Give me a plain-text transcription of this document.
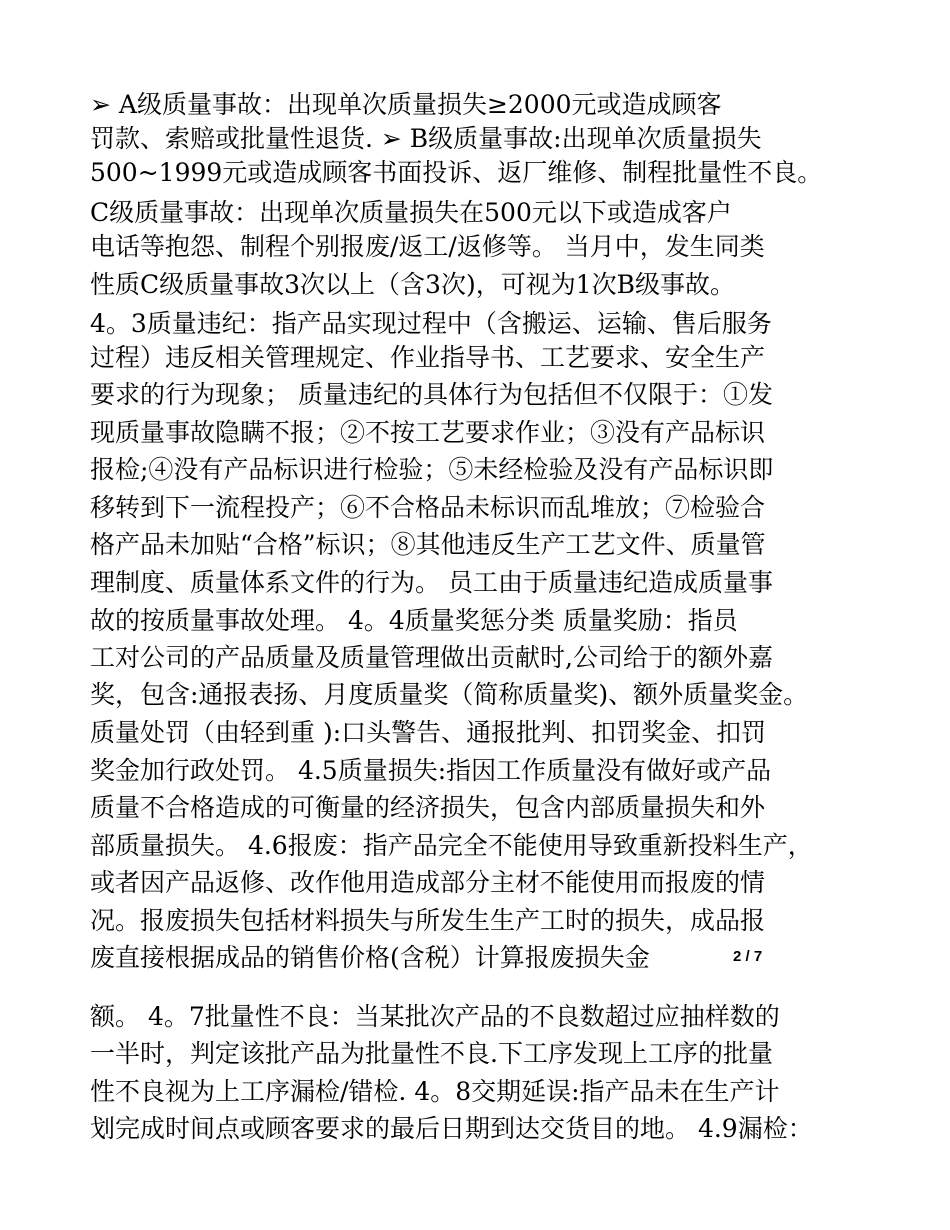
➢ A级质量事故：出现单次质量损失≥2000元或造成顾客
罚款、索赔或批量性退货. ➢ B级质量事故:出现单次质量损失
500~1999元或造成顾客书面投诉、返厂维修、制程批量性不良。
C级质量事故：出现单次质量损失在500元以下或造成客户
电话等抱怨、制程个别报废/返工/返修等。 当月中，发生同类
性质C级质量事故3次以上（含3次)，可视为1次B级事故。
4。3质量违纪：指产品实现过程中（含搬运、运输、售后服务
过程）违反相关管理规定、作业指导书、工艺要求、安全生产
要求的行为现象； 质量违纪的具体行为包括但不仅限于：①发
现质量事故隐瞒不报；②不按工艺要求作业；③没有产品标识
报检;④没有产品标识进行检验；⑤未经检验及没有产品标识即
移转到下一流程投产；⑥不合格品未标识而乱堆放；⑦检验合
格产品未加贴“合格”标识；⑧其他违反生产工艺文件、质量管
理制度、质量体系文件的行为。 员工由于质量违纪造成质量事
故的按质量事故处理。 4。4质量奖惩分类 质量奖励：指员
工对公司的产品质量及质量管理做出贡献时,公司给于的额外嘉
奖，包含:通报表扬、月度质量奖（简称质量奖)、额外质量奖金。
质量处罚（由轻到重 ):口头警告、通报批判、扣罚奖金、扣罚
奖金加行政处罚。 4.5质量损失:指因工作质量没有做好或产品
质量不合格造成的可衡量的经济损失，包含内部质量损失和外
部质量损失。 4.6报废：指产品完全不能使用导致重新投料生产，
或者因产品返修、改作他用造成部分主材不能使用而报废的情
况。报废损失包括材料损失与所发生生产工时的损失，成品报
废直接根据成品的销售价格(含税）计算报废损失金	2 / 7
额。 4。7批量性不良：当某批次产品的不良数超过应抽样数的
一半时，判定该批产品为批量性不良.下工序发现上工序的批量
性不良视为上工序漏检/错检. 4。8交期延误:指产品未在生产计
划完成时间点或顾客要求的最后日期到达交货目的地。 4.9漏检：
